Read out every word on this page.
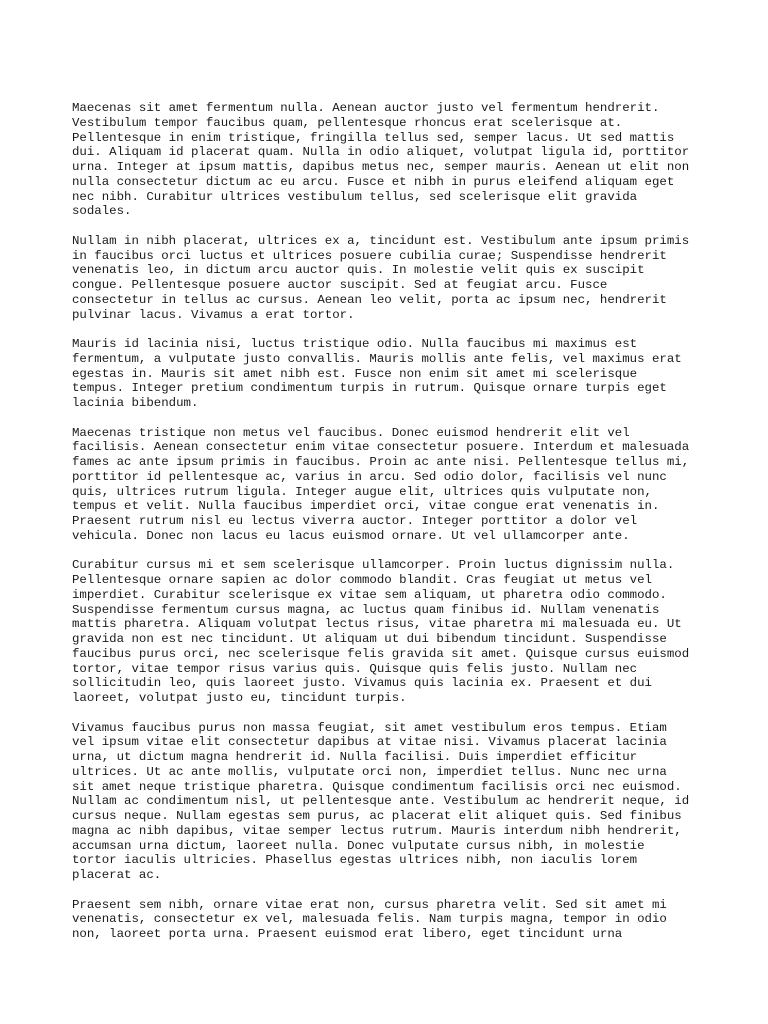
Maecenas sit amet fermentum nulla. Aenean auctor justo vel fermentum hendrerit.
Vestibulum tempor faucibus quam, pellentesque rhoncus erat scelerisque at.
Pellentesque in enim tristique, fringilla tellus sed, semper lacus. Ut sed mattis
dui. Aliquam id placerat quam. Nulla in odio aliquet, volutpat ligula id, porttitor
urna. Integer at ipsum mattis, dapibus metus nec, semper mauris. Aenean ut elit non
nulla consectetur dictum ac eu arcu. Fusce et nibh in purus eleifend aliquam eget
nec nibh. Curabitur ultrices vestibulum tellus, sed scelerisque elit gravida
sodales.

Nullam in nibh placerat, ultrices ex a, tincidunt est. Vestibulum ante ipsum primis
in faucibus orci luctus et ultrices posuere cubilia curae; Suspendisse hendrerit
venenatis leo, in dictum arcu auctor quis. In molestie velit quis ex suscipit
congue. Pellentesque posuere auctor suscipit. Sed at feugiat arcu. Fusce
consectetur in tellus ac cursus. Aenean leo velit, porta ac ipsum nec, hendrerit
pulvinar lacus. Vivamus a erat tortor.

Mauris id lacinia nisi, luctus tristique odio. Nulla faucibus mi maximus est
fermentum, a vulputate justo convallis. Mauris mollis ante felis, vel maximus erat
egestas in. Mauris sit amet nibh est. Fusce non enim sit amet mi scelerisque
tempus. Integer pretium condimentum turpis in rutrum. Quisque ornare turpis eget
lacinia bibendum.

Maecenas tristique non metus vel faucibus. Donec euismod hendrerit elit vel
facilisis. Aenean consectetur enim vitae consectetur posuere. Interdum et malesuada
fames ac ante ipsum primis in faucibus. Proin ac ante nisi. Pellentesque tellus mi,
porttitor id pellentesque ac, varius in arcu. Sed odio dolor, facilisis vel nunc
quis, ultrices rutrum ligula. Integer augue elit, ultrices quis vulputate non,
tempus et velit. Nulla faucibus imperdiet orci, vitae congue erat venenatis in.
Praesent rutrum nisl eu lectus viverra auctor. Integer porttitor a dolor vel
vehicula. Donec non lacus eu lacus euismod ornare. Ut vel ullamcorper ante.

Curabitur cursus mi et sem scelerisque ullamcorper. Proin luctus dignissim nulla.
Pellentesque ornare sapien ac dolor commodo blandit. Cras feugiat ut metus vel
imperdiet. Curabitur scelerisque ex vitae sem aliquam, ut pharetra odio commodo.
Suspendisse fermentum cursus magna, ac luctus quam finibus id. Nullam venenatis
mattis pharetra. Aliquam volutpat lectus risus, vitae pharetra mi malesuada eu. Ut
gravida non est nec tincidunt. Ut aliquam ut dui bibendum tincidunt. Suspendisse
faucibus purus orci, nec scelerisque felis gravida sit amet. Quisque cursus euismod
tortor, vitae tempor risus varius quis. Quisque quis felis justo. Nullam nec
sollicitudin leo, quis laoreet justo. Vivamus quis lacinia ex. Praesent et dui
laoreet, volutpat justo eu, tincidunt turpis.

Vivamus faucibus purus non massa feugiat, sit amet vestibulum eros tempus. Etiam
vel ipsum vitae elit consectetur dapibus at vitae nisi. Vivamus placerat lacinia
urna, ut dictum magna hendrerit id. Nulla facilisi. Duis imperdiet efficitur
ultrices. Ut ac ante mollis, vulputate orci non, imperdiet tellus. Nunc nec urna
sit amet neque tristique pharetra. Quisque condimentum facilisis orci nec euismod.
Nullam ac condimentum nisl, ut pellentesque ante. Vestibulum ac hendrerit neque, id
cursus neque. Nullam egestas sem purus, ac placerat elit aliquet quis. Sed finibus
magna ac nibh dapibus, vitae semper lectus rutrum. Mauris interdum nibh hendrerit,
accumsan urna dictum, laoreet nulla. Donec vulputate cursus nibh, in molestie
tortor iaculis ultricies. Phasellus egestas ultrices nibh, non iaculis lorem
placerat ac.

Praesent sem nibh, ornare vitae erat non, cursus pharetra velit. Sed sit amet mi
venenatis, consectetur ex vel, malesuada felis. Nam turpis magna, tempor in odio
non, laoreet porta urna. Praesent euismod erat libero, eget tincidunt urna
